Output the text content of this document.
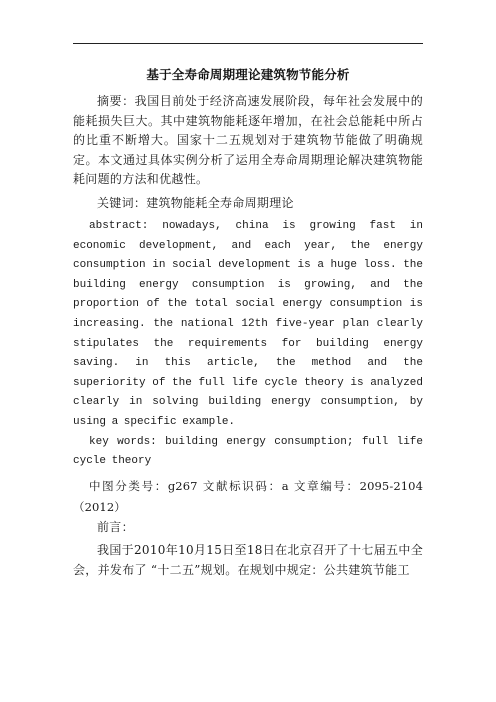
基于全寿命周期理论建筑物节能分析

摘要：我国目前处于经济高速发展阶段，每年社会发展中的能耗损失巨大。其中建筑物能耗逐年增加，在社会总能耗中所占的比重不断增大。国家十二五规划对于建筑物节能做了明确规定。本文通过具体实例分析了运用全寿命周期理论解决建筑物能耗问题的方法和优越性。

关键词：建筑物能耗全寿命周期理论

abstract: nowadays, china is growing fast in economic development, and each year, the energy consumption in social development is a huge loss. the building energy consumption is growing, and the proportion of the total social energy consumption is increasing. the national 12th five-year plan clearly stipulates the requirements for building energy saving. in this article, the method and the superiority of the full life cycle theory is analyzed clearly in solving building energy consumption, by using a specific example.

key words: building energy consumption; full life cycle theory

中图分类号：g267 文献标识码：a 文章编号：2095-2104（2012）

前言：

我国于2010年10月15日至18日在北京召开了十七届五中全会，并发布了 “十二五”规划。在规划中规定：公共建筑节能工
